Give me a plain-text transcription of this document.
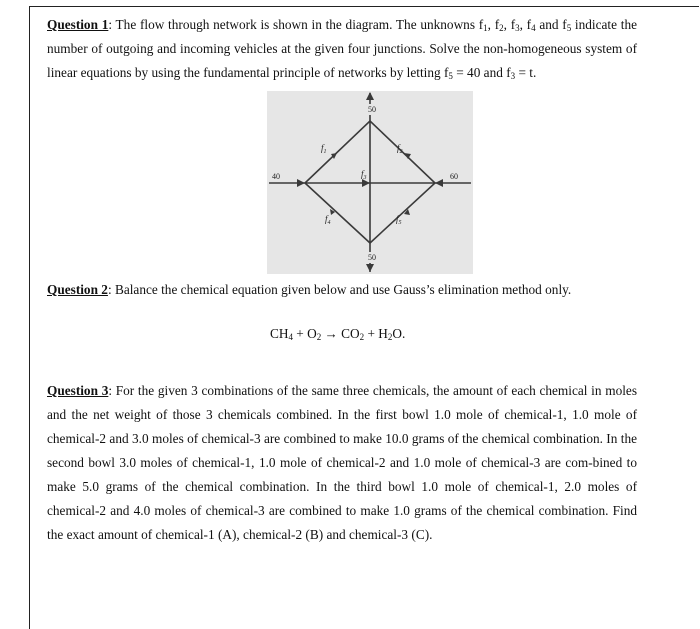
Question 1: The flow through network is shown in the diagram. The unknowns $f_1$, $f_2$, $f_3$, $f_4$ and $f_5$ indicate the number of outgoing and incoming vehicles at the given four junctions. Solve the non-homogeneous system of linear equations by using the fundamental principle of networks by letting $f_5 = 40$ and $f_3 = t$.
50
40	60
50
$f_1$	$f_2$
$f_3$
$f_4$	$f_5$
Question 2: Balance the chemical equation given below and use Gauss’s elimination method only.
CH4 + O2 → CO2 + H2O.
Question 3: For the given 3 combinations of the same three chemicals, the amount of each chemical in moles and the net weight of those 3 chemicals combined. In the first bowl 1.0 mole of chemical-1, 1.0 mole of chemical-2 and 3.0 moles of chemical-3 are combined to make 10.0 grams of the chemical combination. In the second bowl 3.0 moles of chemical-1, 1.0 mole of chemical-2 and 1.0 mole of chemical-3 are com-bined to make 5.0 grams of the chemical combination. In the third bowl 1.0 mole of chemical-1, 2.0 moles of chemical-2 and 4.0 moles of chemical-3 are combined to make 1.0 grams of the chemical combination. Find the exact amount of chemical-1 (A), chemical-2 (B) and chemical-3 (C).
